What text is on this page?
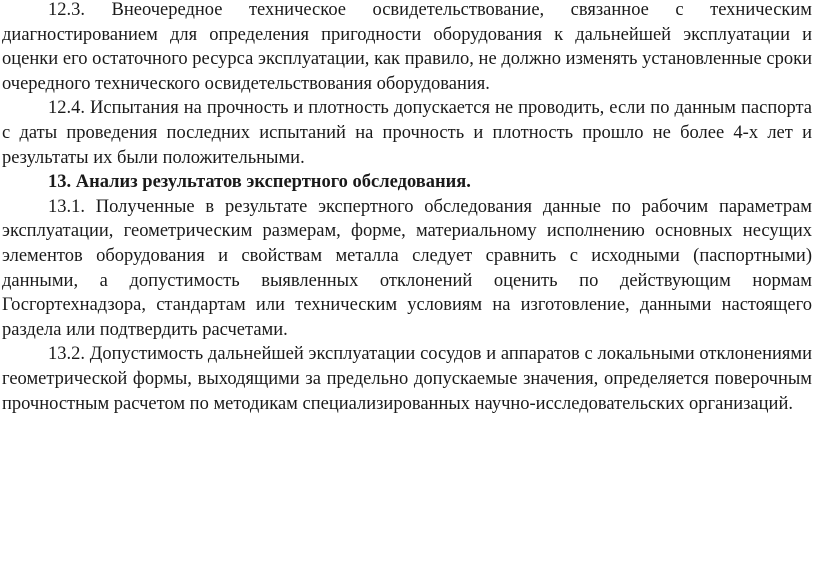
12.3. Внеочередное техническое освидетельствование, связанное с техническим диагностированием для определения пригодности оборудования к дальнейшей эксплуатации и оценки его остаточного ресурса эксплуатации, как правило, не должно изменять установленные сроки очередного технического освидетельствования оборудования.

12.4. Испытания на прочность и плотность допускается не проводить, если по данным паспорта с даты проведения последних испытаний на прочность и плотность прошло не более 4-х лет и результаты их были положительными.

13. Анализ результатов экспертного обследования.

13.1. Полученные в результате экспертного обследования данные по рабочим параметрам эксплуатации, геометрическим размерам, форме, материальному исполнению основных несущих элементов оборудования и свойствам металла следует сравнить с исходными (паспортными) данными, а допустимость выявленных отклонений оценить по действующим нормам Госгортехнадзора, стандартам или техническим условиям на изготовление, данными настоящего раздела или подтвердить расчетами.

13.2. Допустимость дальнейшей эксплуатации сосудов и аппаратов с локальными отклонениями геометрической формы, выходящими за предельно допускаемые значения, определяется поверочным прочностным расчетом по методикам специализированных научно-исследовательских организаций.
